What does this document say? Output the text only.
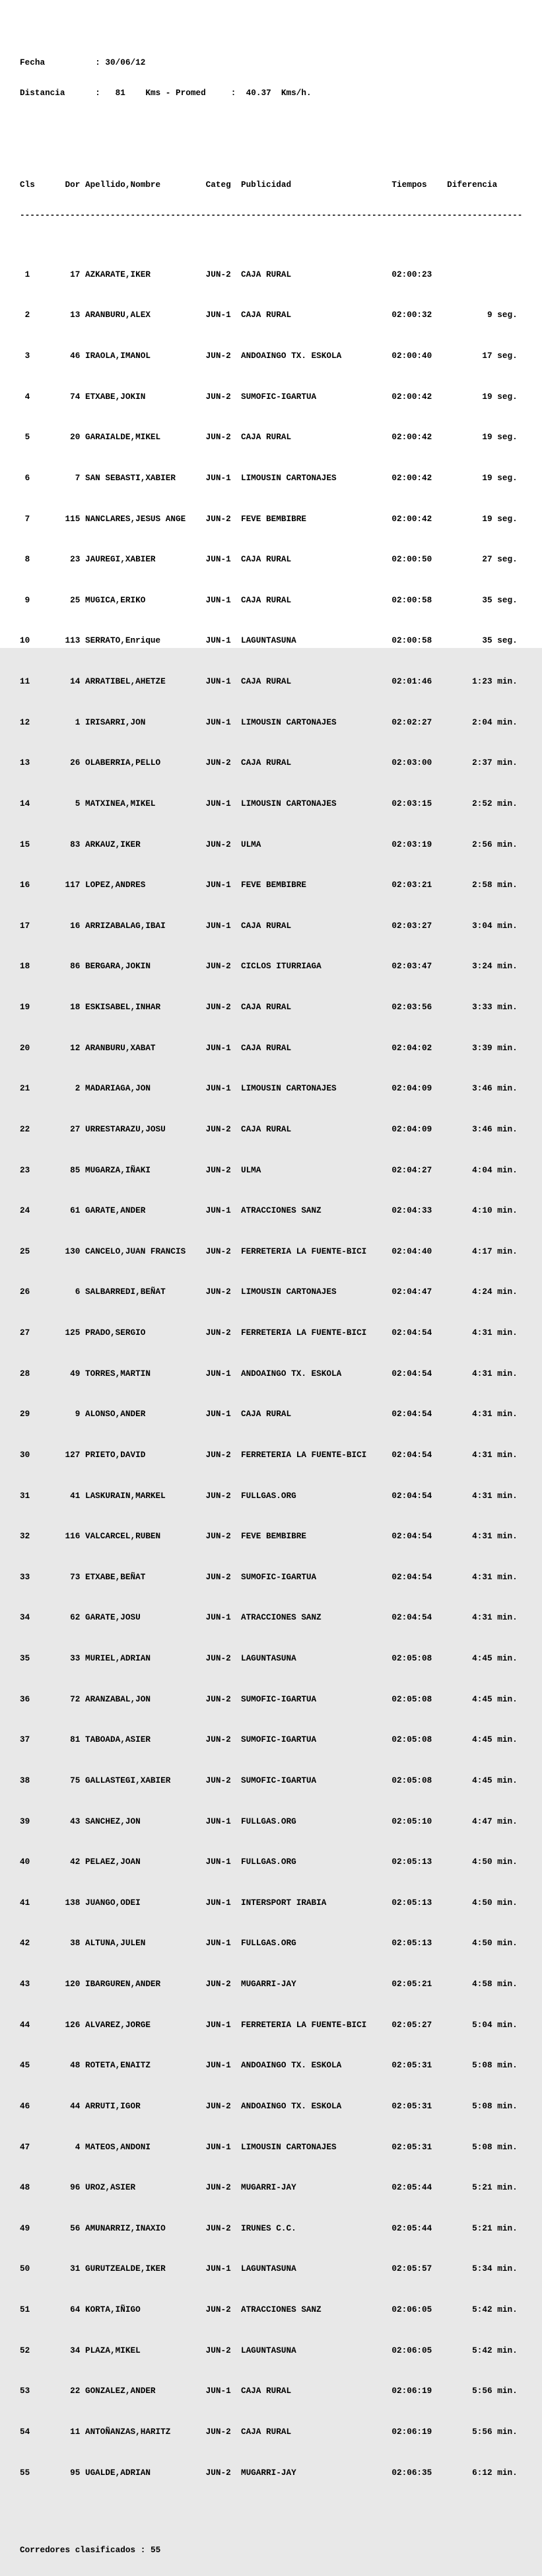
Fecha	: 30/06/12

Distancia	:   81    Kms - Promed     :  40.37  Kms/h.

Cls	Dor Apellido,Nombre	Categ Publicidad	Tiempos Diferencia

----------------------------------------------------------------------------------------------------

1	17 AZKARATE,IKER	JUN-2 CAJA RURAL	02:00:23

2	13 ARANBURU,ALEX	JUN-1 CAJA RURAL	02:00:32	9 seg.

3	46 IRAOLA,IMANOL	JUN-2 ANDOAINGO TX. ESKOLA	02:00:40	17 seg.

4	74 ETXABE,JOKIN	JUN-2 SUMOFIC-IGARTUA	02:00:42	19 seg.

5	20 GARAIALDE,MIKEL	JUN-2 CAJA RURAL	02:00:42	19 seg.

6	7 SAN SEBASTI,XABIER	JUN-1 LIMOUSIN CARTONAJES	02:00:42	19 seg.

7	115 NANCLARES,JESUS ANGE JUN-2 FEVE BEMBIBRE	02:00:42	19 seg.

8	23 JAUREGI,XABIER	JUN-1 CAJA RURAL	02:00:50	27 seg.

9	25 MUGICA,ERIKO	JUN-1 CAJA RURAL	02:00:58	35 seg.

10	113 SERRATO,Enrique	JUN-1 LAGUNTASUNA	02:00:58	35 seg.

11	14 ARRATIBEL,AHETZE	JUN-1 CAJA RURAL	02:01:46	1:23 min.

12	1 IRISARRI,JON	JUN-1 LIMOUSIN CARTONAJES	02:02:27	2:04 min.

13	26 OLABERRIA,PELLO	JUN-2 CAJA RURAL	02:03:00	2:37 min.

14	5 MATXINEA,MIKEL	JUN-1 LIMOUSIN CARTONAJES	02:03:15	2:52 min.

15	83 ARKAUZ,IKER	JUN-2 ULMA	02:03:19	2:56 min.

16	117 LOPEZ,ANDRES	JUN-1 FEVE BEMBIBRE	02:03:21	2:58 min.

17	16 ARRIZABALAG,IBAI	JUN-1 CAJA RURAL	02:03:27	3:04 min.

18	86 BERGARA,JOKIN	JUN-2 CICLOS ITURRIAGA	02:03:47	3:24 min.

19	18 ESKISABEL,INHAR	JUN-2 CAJA RURAL	02:03:56	3:33 min.

20	12 ARANBURU,XABAT	JUN-1 CAJA RURAL	02:04:02	3:39 min.

21	2 MADARIAGA,JON	JUN-1 LIMOUSIN CARTONAJES	02:04:09	3:46 min.

22	27 URRESTARAZU,JOSU	JUN-2 CAJA RURAL	02:04:09	3:46 min.

23	85 MUGARZA,IÑAKI	JUN-2 ULMA	02:04:27	4:04 min.

24	61 GARATE,ANDER	JUN-1 ATRACCIONES SANZ	02:04:33	4:10 min.

25	130 CANCELO,JUAN FRANCIS JUN-2 FERRETERIA LA FUENTE-BICI	02:04:40	4:17 min.

26	6 SALBARREDI,BEÑAT	JUN-2 LIMOUSIN CARTONAJES	02:04:47	4:24 min.

27	125 PRADO,SERGIO	JUN-2 FERRETERIA LA FUENTE-BICI	02:04:54	4:31 min.

28	49 TORRES,MARTIN	JUN-1 ANDOAINGO TX. ESKOLA	02:04:54	4:31 min.

29	9 ALONSO,ANDER	JUN-1 CAJA RURAL	02:04:54	4:31 min.

30	127 PRIETO,DAVID	JUN-2 FERRETERIA LA FUENTE-BICI	02:04:54	4:31 min.

31	41 LASKURAIN,MARKEL	JUN-2 FULLGAS.ORG	02:04:54	4:31 min.

32	116 VALCARCEL,RUBEN	JUN-2 FEVE BEMBIBRE	02:04:54	4:31 min.

33	73 ETXABE,BEÑAT	JUN-2 SUMOFIC-IGARTUA	02:04:54	4:31 min.

34	62 GARATE,JOSU	JUN-1 ATRACCIONES SANZ	02:04:54	4:31 min.

35	33 MURIEL,ADRIAN	JUN-2 LAGUNTASUNA	02:05:08	4:45 min.

36	72 ARANZABAL,JON	JUN-2 SUMOFIC-IGARTUA	02:05:08	4:45 min.

37	81 TABOADA,ASIER	JUN-2 SUMOFIC-IGARTUA	02:05:08	4:45 min.

38	75 GALLASTEGI,XABIER	JUN-2 SUMOFIC-IGARTUA	02:05:08	4:45 min.

39	43 SANCHEZ,JON	JUN-1 FULLGAS.ORG	02:05:10	4:47 min.

40	42 PELAEZ,JOAN	JUN-1 FULLGAS.ORG	02:05:13	4:50 min.

41	138 JUANGO,ODEI	JUN-1 INTERSPORT IRABIA	02:05:13	4:50 min.

42	38 ALTUNA,JULEN	JUN-1 FULLGAS.ORG	02:05:13	4:50 min.

43	120 IBARGUREN,ANDER	JUN-2 MUGARRI-JAY	02:05:21	4:58 min.

44	126 ALVAREZ,JORGE	JUN-1 FERRETERIA LA FUENTE-BICI	02:05:27	5:04 min.

45	48 ROTETA,ENAITZ	JUN-1 ANDOAINGO TX. ESKOLA	02:05:31	5:08 min.

46	44 ARRUTI,IGOR	JUN-2 ANDOAINGO TX. ESKOLA	02:05:31	5:08 min.

47	4 MATEOS,ANDONI	JUN-1 LIMOUSIN CARTONAJES	02:05:31	5:08 min.

48	96 UROZ,ASIER	JUN-2 MUGARRI-JAY	02:05:44	5:21 min.

49	56 AMUNARRIZ,INAXIO	JUN-2 IRUNES C.C.	02:05:44	5:21 min.

50	31 GURUTZEALDE,IKER	JUN-1 LAGUNTASUNA	02:05:57	5:34 min.

51	64 KORTA,IÑIGO	JUN-2 ATRACCIONES SANZ	02:06:05	5:42 min.

52	34 PLAZA,MIKEL	JUN-2 LAGUNTASUNA	02:06:05	5:42 min.

53	22 GONZALEZ,ANDER	JUN-1 CAJA RURAL	02:06:19	5:56 min.

54	11 ANTOÑANZAS,HARITZ	JUN-2 CAJA RURAL	02:06:19	5:56 min.

55	95 UGALDE,ADRIAN	JUN-2 MUGARRI-JAY	02:06:35	6:12 min.

Corredores clasificados : 55
